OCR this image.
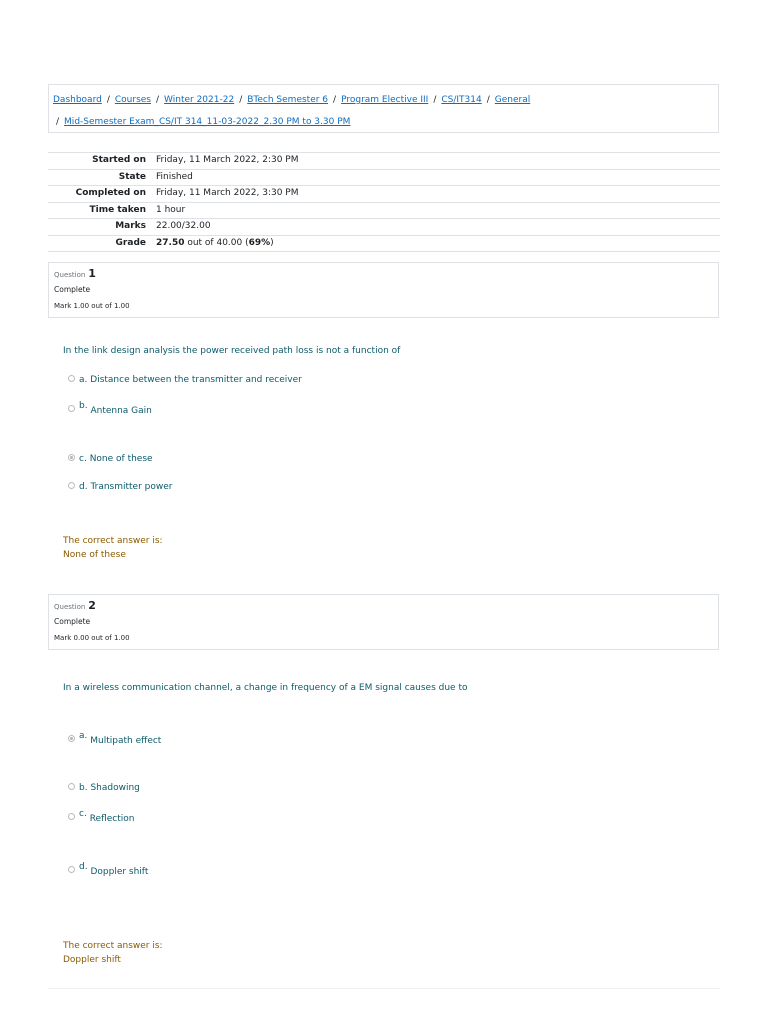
Dashboard / Courses / Winter 2021-22 / BTech Semester 6 / Program Elective III / CS/IT314 / General
/ Mid-Semester Exam_CS/IT 314_11-03-2022_2.30 PM to 3.30 PM
Started on	Friday, 11 March 2022, 2:30 PM
State	Finished
Completed on	Friday, 11 March 2022, 3:30 PM
Time taken	1 hour
Marks	22.00/32.00
Grade	27.50 out of 40.00 (69%)
Question 1
Complete
Mark 1.00 out of 1.00
In the link design analysis the power received path loss is not a function of
a. Distance between the transmitter and receiver
b. Antenna Gain
c. None of these
d. Transmitter power
The correct answer is:
None of these
Question 2
Complete
Mark 0.00 out of 1.00
In a wireless communication channel, a change in frequency of a EM signal causes due to
a. Multipath effect
b. Shadowing
c. Reflection
d. Doppler shift
The correct answer is:
Doppler shift
